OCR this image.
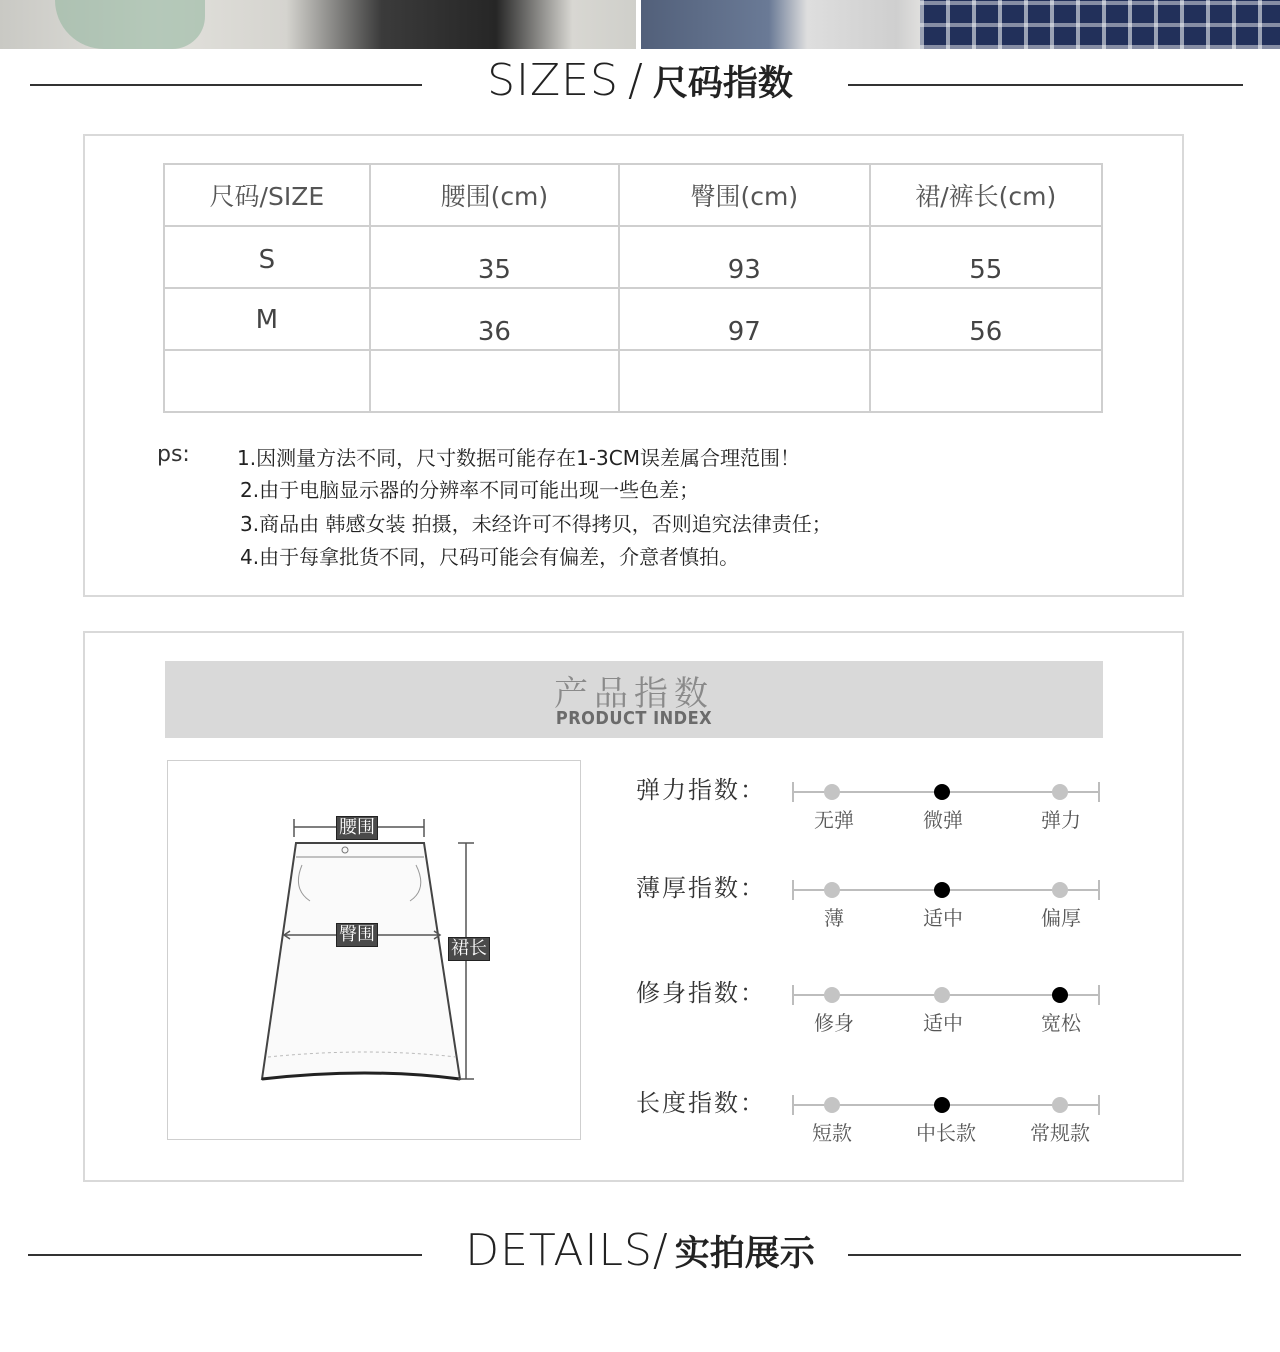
SIZES / 尺码指数
尺码/SIZE	腰围(cm)	臀围(cm)	裙/裤长(cm)
S	35	93	55
M	36	97	56

ps: 1.因测量方法不同，尺寸数据可能存在1-3CM误差属合理范围！
2.由于电脑显示器的分辨率不同可能出现一些色差；
3.商品由 韩感女装 拍摄，未经许可不得拷贝，否则追究法律责任；
4.由于每拿批货不同，尺码可能会有偏差，介意者慎拍。
产品指数
PRODUCT INDEX
腰围
臀围
裙长
弹力指数：
无弹	微弹	弹力
薄厚指数：
薄	适中	偏厚
修身指数：
修身	适中	宽松
长度指数：
短款	中长款	常规款
DETAILS/ 实拍展示
